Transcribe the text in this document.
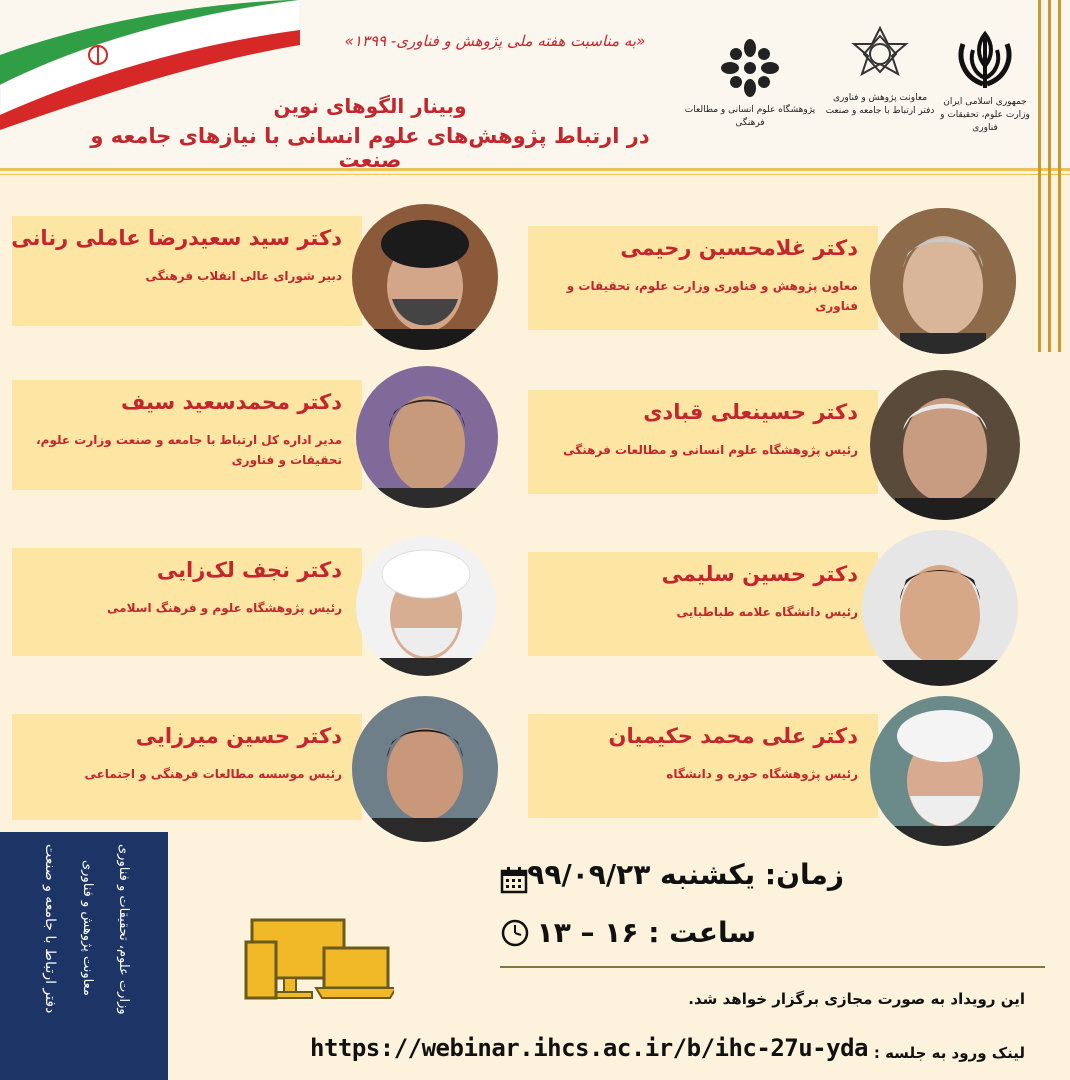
«به مناسبت هفته ملی پژوهش و فناوری- ۱۳۹۹»
وبینار الگوهای نوین
در ارتباط پژوهش‌های علوم انسانی با نیازهای جامعه و صنعت
جمهوری اسلامی ایران
وزارت علوم، تحقیقات و فناوری
معاونت پژوهش و فناوری
دفتر ارتباط با جامعه و صنعت
پژوهشگاه علوم انسانی و مطالعات فرهنگی
دکتر غلامحسین رحیمی
معاون پژوهش و فناوری وزارت علوم، تحقیقات و فناوری
دکتر حسینعلی قبادی
رئیس پژوهشگاه علوم انسانی و مطالعات فرهنگی
دکتر حسین سلیمی
رئیس دانشگاه علامه طباطبایی
دکتر علی محمد حکیمیان
رئیس پژوهشگاه حوزه و دانشگاه
دکتر سید سعیدرضا عاملی رنانی
دبیر شورای عالی انقلاب فرهنگی
دکتر محمدسعید سیف
مدیر اداره کل ارتباط با جامعه و صنعت وزارت علوم، تحقیقات و فناوری
دکتر نجف لک‌زایی
رئیس پژوهشگاه علوم و فرهنگ اسلامی
دکتر حسین میرزایی
رئیس موسسه مطالعات فرهنگی و اجتماعی
دفتر ارتباط با جامعه و صنعت معاونت پژوهش و فناوری وزارت علوم، تحقیقات و فناوری	زمان: یکشنبه ۹۹/۰۹/۲۳
ساعت : ۱۶ – ۱۳
این رویداد به صورت مجازی برگزار خواهد شد.
لینک ورود به جلسه :
https://webinar.ihcs.ac.ir/b/ihc-27u-yda
